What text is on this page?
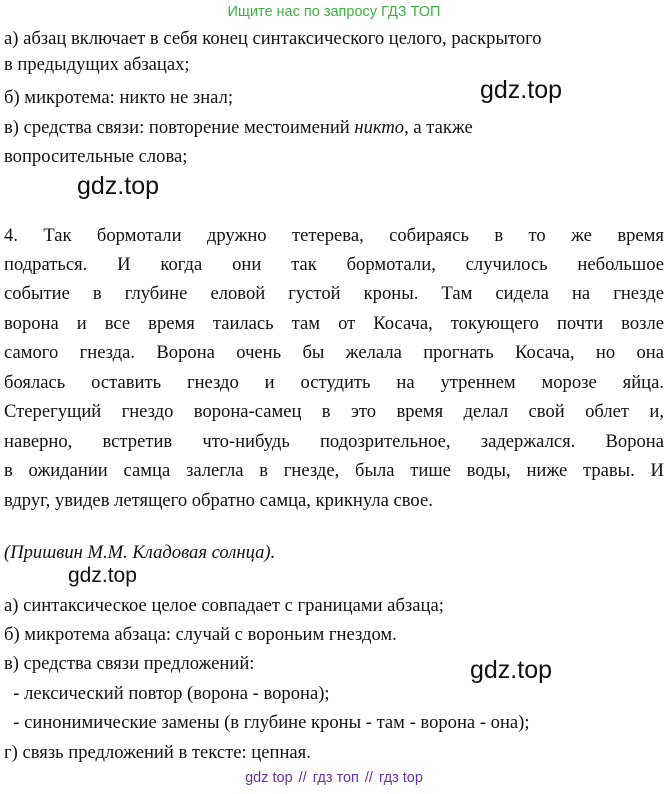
Ищите нас по запросу ГДЗ ТОП
а) абзац включает в себя конец синтаксического целого, раскрытого
в предыдущих абзацах;
б) микротема: никто не знал;
в) средства связи: повторение местоимений никто, а также
вопросительные слова;
4. Так бормотали дружно тетерева, собираясь в то же время
подраться. И когда они так бормотали, случилось небольшое
событие в глубине еловой густой кроны. Там сидела на гнезде
ворона и все время таилась там от Косача, токующего почти возле
самого гнезда. Ворона очень бы желала прогнать Косача, но она
боялась оставить гнездо и остудить на утреннем морозе яйца.
Стерегущий гнездо ворона-самец в это время делал свой облет и,
наверно, встретив что-нибудь подозрительное, задержался. Ворона
в ожидании самца залегла в гнезде, была тише воды, ниже травы. И
вдруг, увидев летящего обратно самца, крикнула свое.
(Пришвин М.М. Кладовая солнца).
а) синтаксическое целое совпадает с границами абзаца;
б) микротема абзаца: случай с вороньим гнездом.
в) средства связи предложений:
- лексический повтор (ворона - ворона);
- синонимические замены (в глубине кроны - там - ворона - она);
г) связь предложений в тексте: цепная.
gdz.top
gdz.top
gdz.top
gdz.top
gdz top // гдз топ // гдз top
